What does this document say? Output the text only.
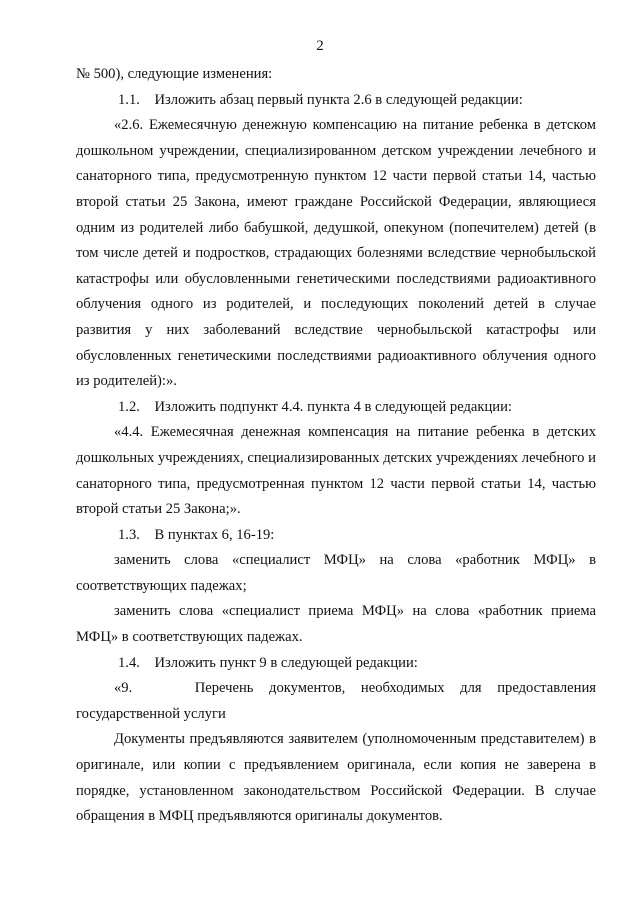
2

№ 500), следующие изменения:

1.1.    Изложить абзац первый пункта 2.6 в следующей редакции:

«2.6. Ежемесячную денежную компенсацию на питание ребенка в детском дошкольном учреждении, специализированном детском учреждении лечебного и санаторного типа, предусмотренную пунктом 12 части первой статьи 14, частью второй статьи 25 Закона, имеют граждане Российской Федерации, являющиеся одним из родителей либо бабушкой, дедушкой, опекуном (попечителем) детей (в том числе детей и подростков, страдающих болезнями вследствие чернобыльской катастрофы или обусловленными генетическими последствиями радиоактивного облучения одного из родителей, и последующих поколений детей в случае развития у них заболеваний вследствие чернобыльской катастрофы или обусловленных генетическими последствиями радиоактивного облучения одного из родителей):».

1.2.    Изложить подпункт 4.4. пункта 4 в следующей редакции:

«4.4. Ежемесячная денежная компенсация на питание ребенка в детских дошкольных учреждениях, специализированных детских учреждениях лечебного и санаторного типа, предусмотренная пунктом 12 части первой статьи 14, частью второй статьи 25 Закона;».

1.3.    В пунктах 6, 16-19:

заменить слова «специалист МФЦ» на слова «работник МФЦ» в соответствующих падежах;

заменить слова «специалист приема МФЦ» на слова «работник приема МФЦ» в соответствующих падежах.

1.4.    Изложить пункт 9 в следующей редакции:

«9.    Перечень документов, необходимых для предоставления государственной услуги

Документы предъявляются заявителем (уполномоченным представителем) в оригинале, или копии с предъявлением оригинала, если копия не заверена в порядке, установленном законодательством Российской Федерации. В случае обращения в МФЦ предъявляются оригиналы документов.
